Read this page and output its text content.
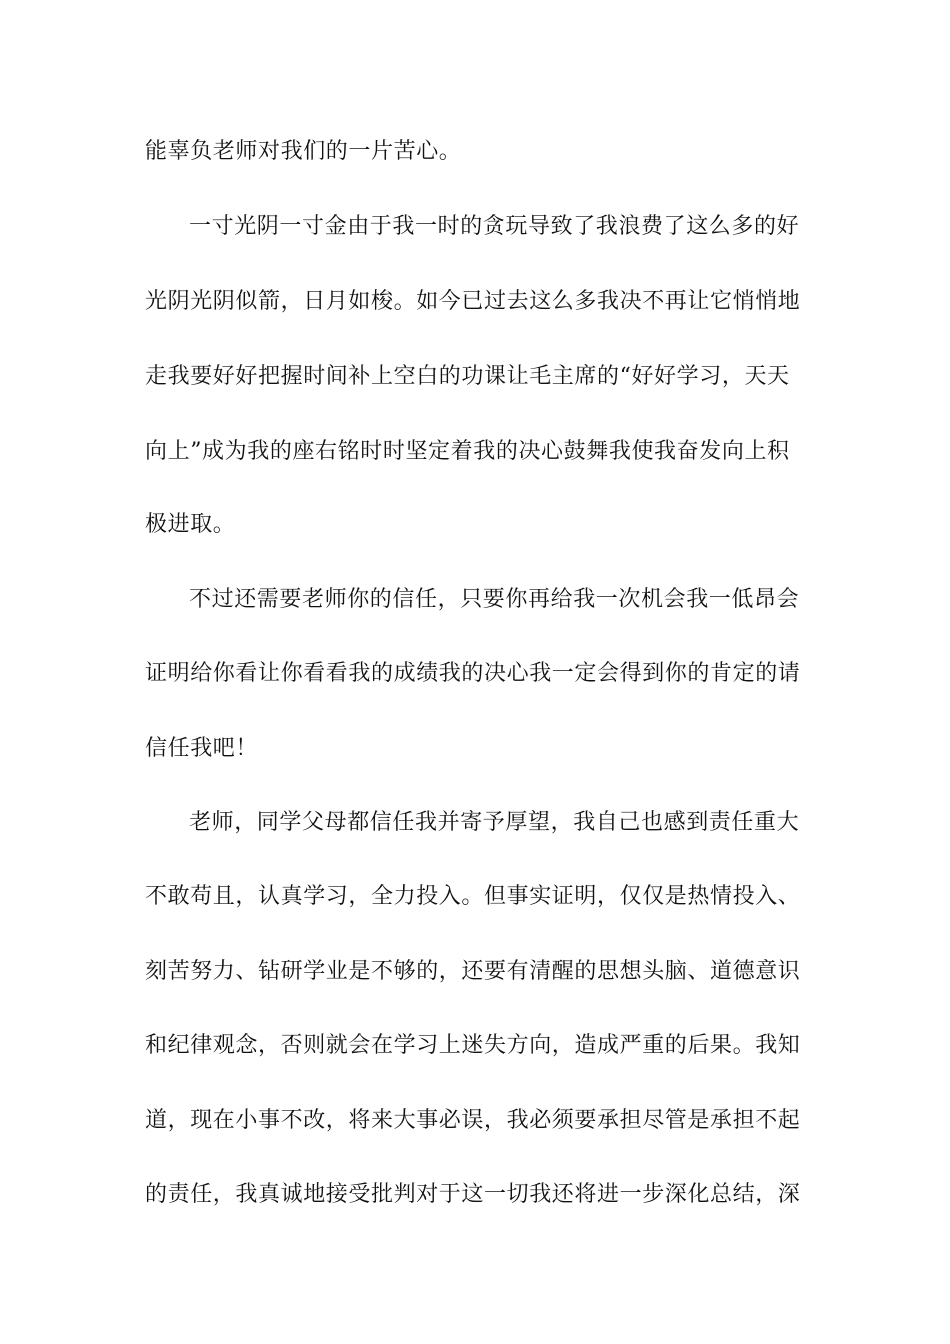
能辜负老师对我们的一片苦心。
一寸光阴一寸金由于我一时的贪玩导致了我浪费了这么多的好
光阴光阴似箭，日月如梭。如今已过去这么多我决不再让它悄悄地
走我要好好把握时间补上空白的功课让毛主席的“好好学习，天天
向上”成为我的座右铭时时坚定着我的决心鼓舞我使我奋发向上积
极进取。
不过还需要老师你的信任，只要你再给我一次机会我一低昂会
证明给你看让你看看我的成绩我的决心我一定会得到你的肯定的请
信任我吧！
老师，同学父母都信任我并寄予厚望，我自己也感到责任重大
不敢苟且，认真学习，全力投入。但事实证明，仅仅是热情投入、
刻苦努力、钻研学业是不够的，还要有清醒的思想头脑、道德意识
和纪律观念，否则就会在学习上迷失方向，造成严重的后果。我知
道，现在小事不改，将来大事必误，我必须要承担尽管是承担不起
的责任，我真诚地接受批判对于这一切我还将进一步深化总结，深
